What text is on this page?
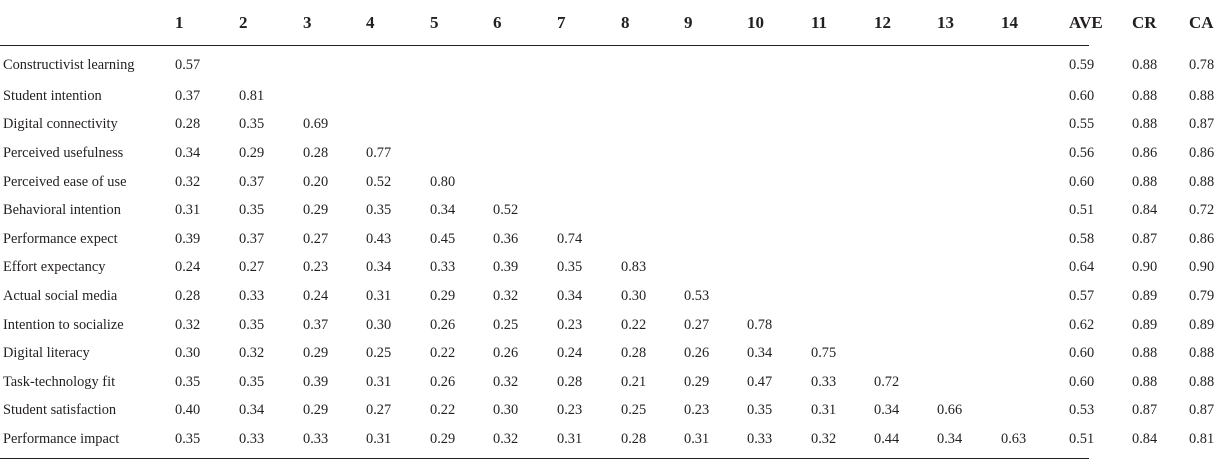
	1	2	3	4	5	6	7	8	9	10	11	12	13	14	AVE	CR	CA
Constructivist learning	0.57														0.59	0.88	0.78
Student intention	0.37	0.81													0.60	0.88	0.88
Digital connectivity	0.28	0.35	0.69												0.55	0.88	0.87
Perceived usefulness	0.34	0.29	0.28	0.77											0.56	0.86	0.86
Perceived ease of use	0.32	0.37	0.20	0.52	0.80										0.60	0.88	0.88
Behavioral intention	0.31	0.35	0.29	0.35	0.34	0.52									0.51	0.84	0.72
Performance expect	0.39	0.37	0.27	0.43	0.45	0.36	0.74								0.58	0.87	0.86
Effort expectancy	0.24	0.27	0.23	0.34	0.33	0.39	0.35	0.83							0.64	0.90	0.90
Actual social media	0.28	0.33	0.24	0.31	0.29	0.32	0.34	0.30	0.53						0.57	0.89	0.79
Intention to socialize	0.32	0.35	0.37	0.30	0.26	0.25	0.23	0.22	0.27	0.78					0.62	0.89	0.89
Digital literacy	0.30	0.32	0.29	0.25	0.22	0.26	0.24	0.28	0.26	0.34	0.75				0.60	0.88	0.88
Task-technology fit	0.35	0.35	0.39	0.31	0.26	0.32	0.28	0.21	0.29	0.47	0.33	0.72			0.60	0.88	0.88
Student satisfaction	0.40	0.34	0.29	0.27	0.22	0.30	0.23	0.25	0.23	0.35	0.31	0.34	0.66		0.53	0.87	0.87
Performance impact	0.35	0.33	0.33	0.31	0.29	0.32	0.31	0.28	0.31	0.33	0.32	0.44	0.34	0.63	0.51	0.84	0.81
